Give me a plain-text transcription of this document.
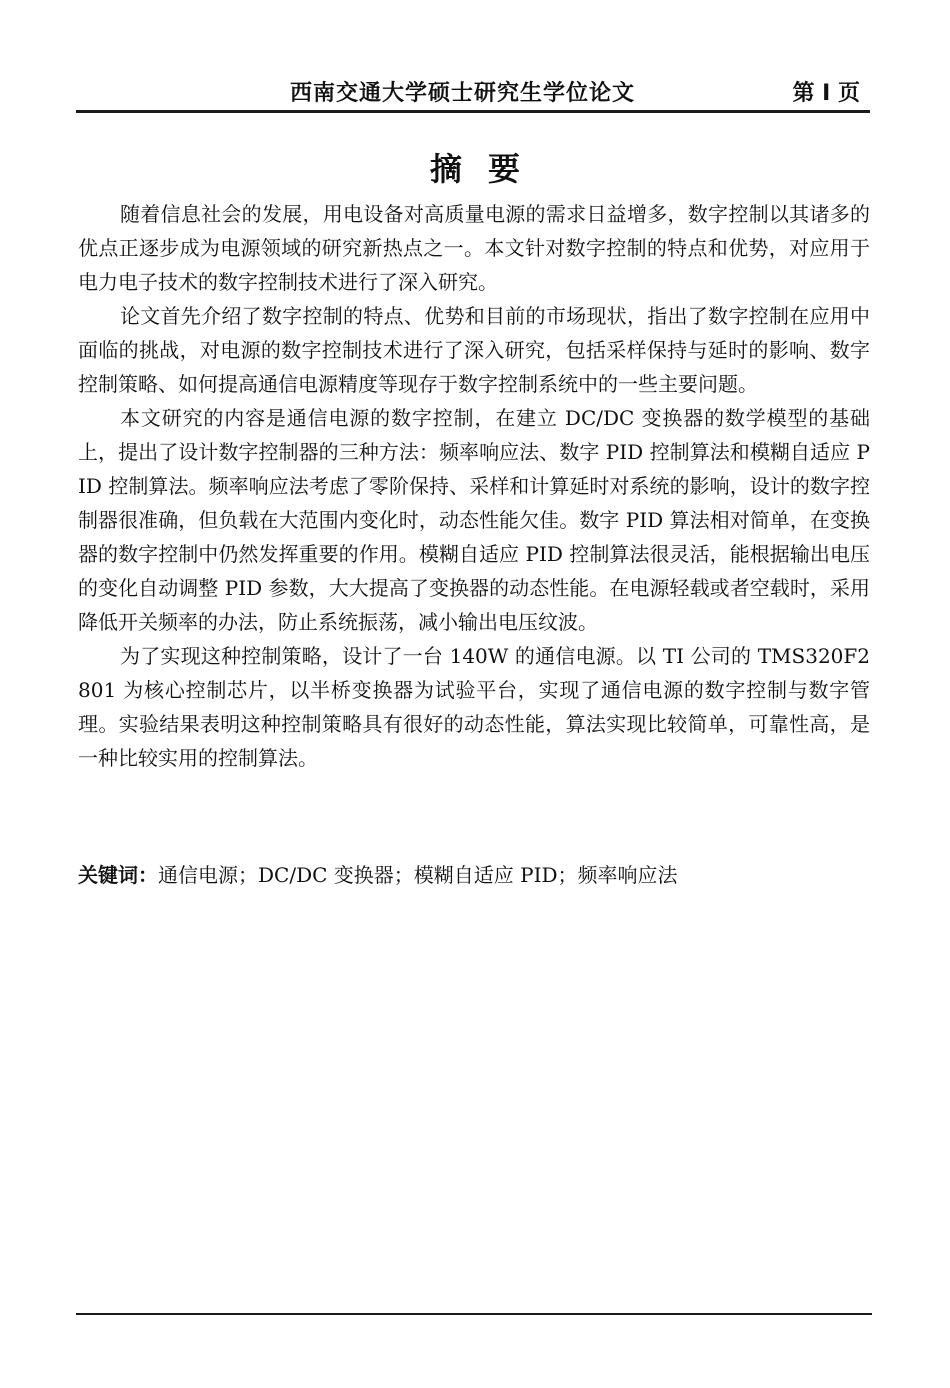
西南交通大学硕士研究生学位论文	第 I 页
摘要

随着信息社会的发展，用电设备对高质量电源的需求日益增多，数字控制以其诸多的优点正逐步成为电源领域的研究新热点之一。本文针对数字控制的特点和优势，对应用于电力电子技术的数字控制技术进行了深入研究。

论文首先介绍了数字控制的特点、优势和目前的市场现状，指出了数字控制在应用中面临的挑战，对电源的数字控制技术进行了深入研究，包括采样保持与延时的影响、数字控制策略、如何提高通信电源精度等现存于数字控制系统中的一些主要问题。

本文研究的内容是通信电源的数字控制，在建立 DC/DC 变换器的数学模型的基础上，提出了设计数字控制器的三种方法：频率响应法、数字 PID 控制算法和模糊自适应 PID 控制算法。频率响应法考虑了零阶保持、采样和计算延时对系统的影响，设计的数字控制器很准确，但负载在大范围内变化时，动态性能欠佳。数字 PID 算法相对简单，在变换器的数字控制中仍然发挥重要的作用。模糊自适应 PID 控制算法很灵活，能根据输出电压的变化自动调整 PID 参数，大大提高了变换器的动态性能。在电源轻载或者空载时，采用降低开关频率的办法，防止系统振荡，减小输出电压纹波。

为了实现这种控制策略，设计了一台 140W 的通信电源。以 TI 公司的 TMS320F2801 为核心控制芯片，以半桥变换器为试验平台，实现了通信电源的数字控制与数字管理。实验结果表明这种控制策略具有很好的动态性能，算法实现比较简单，可靠性高，是一种比较实用的控制算法。

关键词：通信电源；DC/DC 变换器；模糊自适应 PID；频率响应法
